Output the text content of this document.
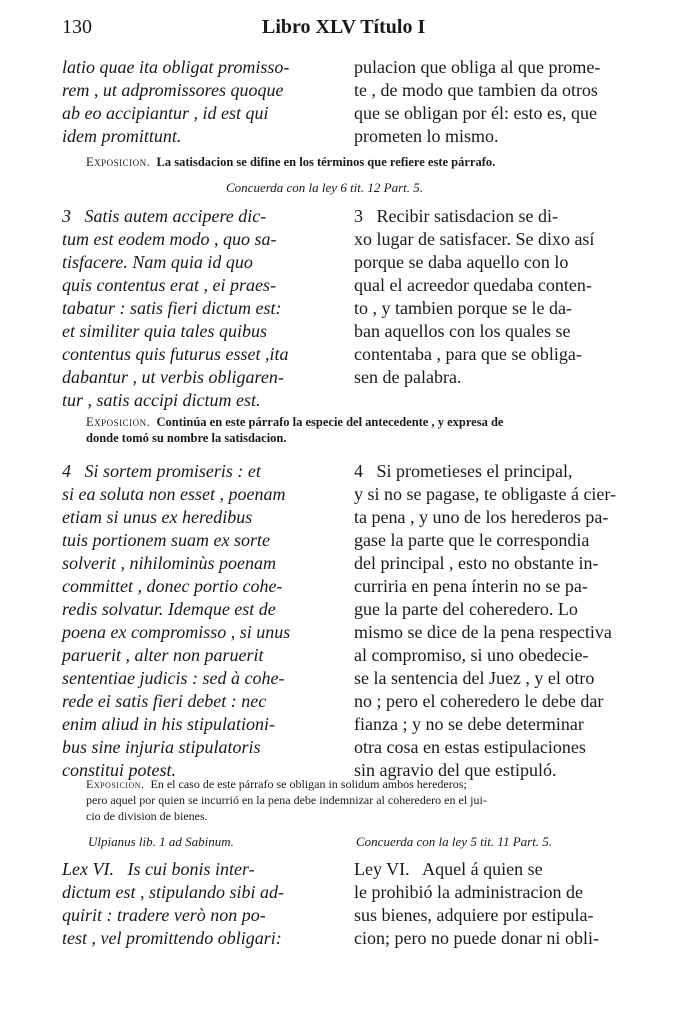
130	Libro XLV Título I
latio quae ita obligat promisso-
rem , ut adpromissores quoque
ab eo accipiantur , id est qui
idem promittunt.
pulacion que obliga al que prome-
te , de modo que tambien da otros
que se obligan por él: esto es, que
prometen lo mismo.
Exposicion.  La satisdacion se difine en los términos que refiere este párrafo.
Concuerda con la ley 6 tit. 12 Part. 5.
3   Satis autem accipere dic-
tum est eodem modo , quo sa-
tisfacere. Nam quia id quo
quis contentus erat , ei praes-
tabatur : satis fieri dictum est:
et similiter quia tales quibus
contentus quis futurus esset ,ita
dabantur , ut verbis obligaren-
tur , satis accipi dictum est.
3   Recibir satisdacion se di-
xo lugar de satisfacer. Se dixo así
porque se daba aquello con lo
qual el acreedor quedaba conten-
to , y tambien porque se le da-
ban aquellos con los quales se
contentaba , para que se obliga-
sen de palabra.
Exposicion.  Continúa en este párrafo la especie del antecedente , y expresa de
donde tomó su nombre la satisdacion.
4   Si sortem promiseris : et
si ea soluta non esset , poenam
etiam si unus ex heredibus
tuis portionem suam ex sorte
solverit , nihilominùs poenam
committet , donec portio cohe-
redis solvatur. Idemque est de
poena ex compromisso , si unus
paruerit , alter non paruerit
sententiae judicis : sed à cohe-
rede ei satis fieri debet : nec
enim aliud in his stipulationi-
bus sine injuria stipulatoris
constitui potest.
4   Si prometieses el principal,
y si no se pagase, te obligaste á cier-
ta pena , y uno de los herederos pa-
gase la parte que le correspondia
del principal , esto no obstante in-
curriria en pena ínterin no se pa-
gue la parte del coheredero. Lo
mismo se dice de la pena respectiva
al compromiso, si uno obedecie-
se la sentencia del Juez , y el otro
no ; pero el coheredero le debe dar
fianza ; y no se debe determinar
otra cosa en estas estipulaciones
sin agravio del que estipuló.
Exposicion.  En el caso de este párrafo se obligan in solidum ambos herederos;
pero aquel por quien se incurrió en la pena debe indemnizar al coheredero en el jui-
cio de division de bienes.
Ulpianus lib. 1 ad Sabinum.	Concuerda con la ley 5 tit. 11 Part. 5.
Lex VI.   Is cui bonis inter-
dictum est , stipulando sibi ad-
quirit : tradere verò non po-
test , vel promittendo obligari:
Ley VI.   Aquel á quien se
le prohibió la administracion de
sus bienes, adquiere por estipula-
cion; pero no puede donar ni obli-
